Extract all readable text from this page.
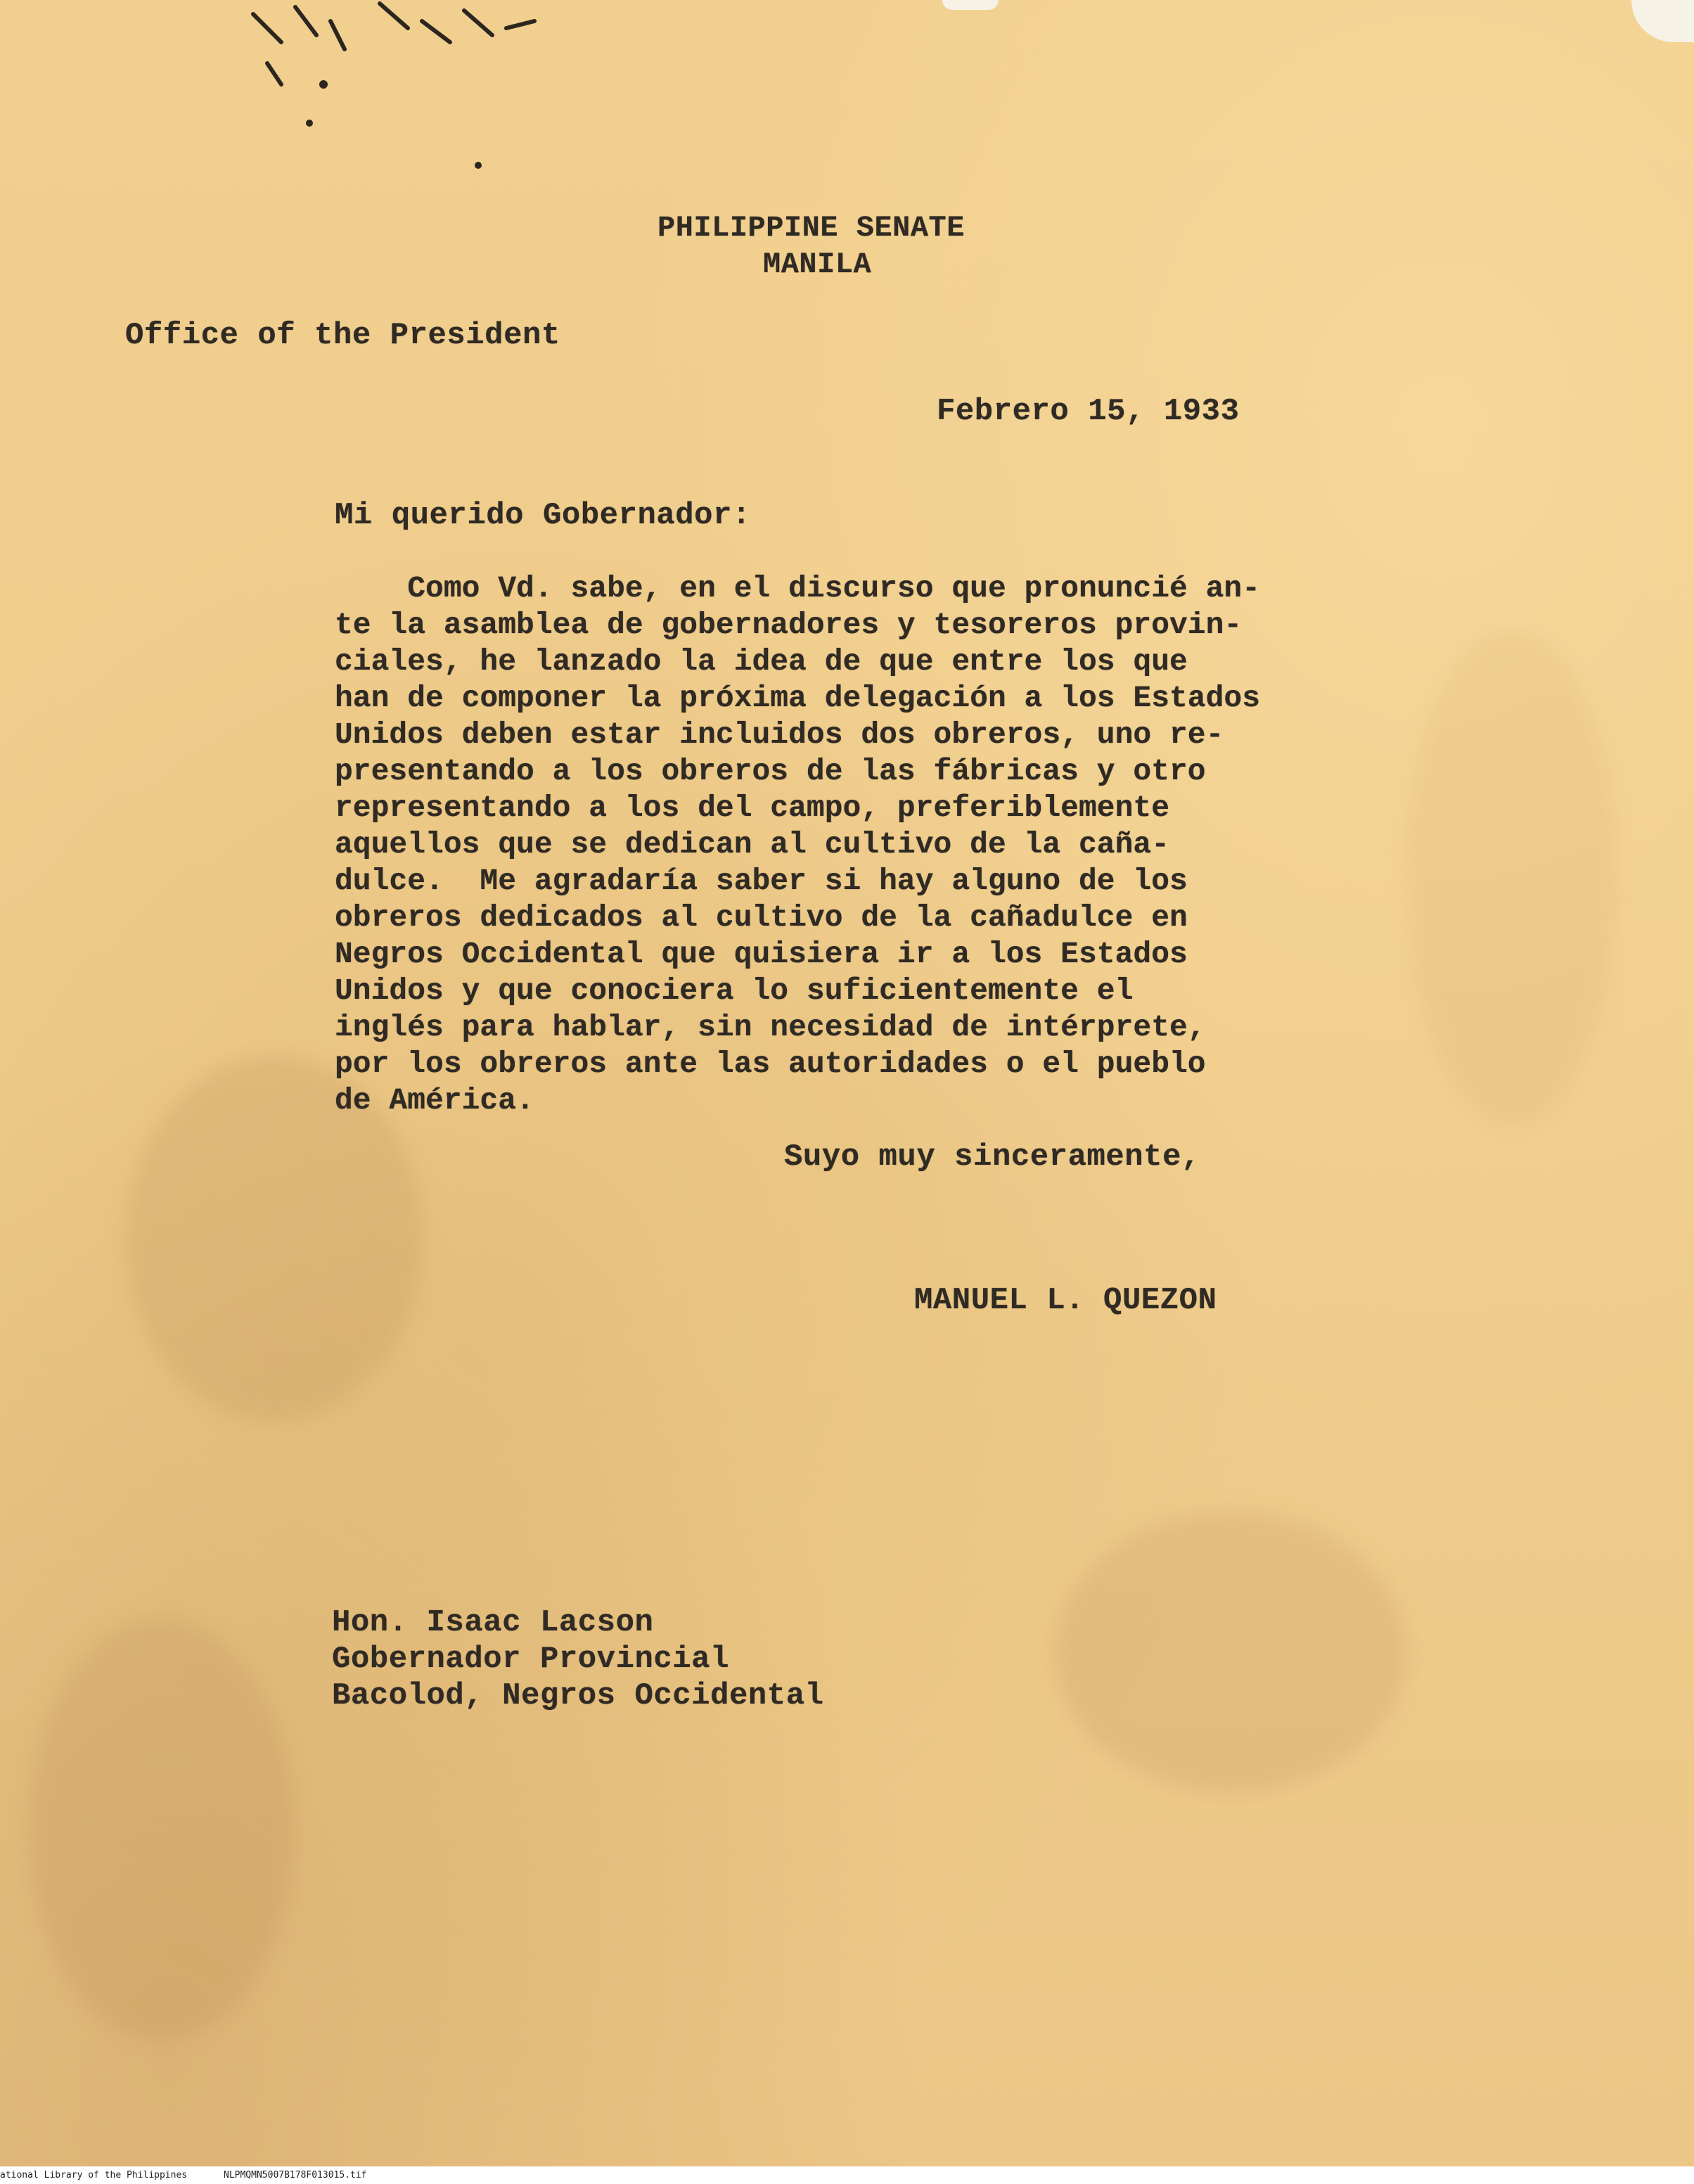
PHILIPPINE SENATE
MANILA
Office of the President
Febrero 15, 1933
Mi querido Gobernador:
Como Vd. sabe, en el discurso que pronuncié an-
te la asamblea de gobernadores y tesoreros provin-
ciales, he lanzado la idea de que entre los que
han de componer la próxima delegación a los Estados
Unidos deben estar incluidos dos obreros, uno re-
presentando a los obreros de las fábricas y otro
representando a los del campo, preferiblemente
aquellos que se dedican al cultivo de la caña-
dulce.  Me agradaría saber si hay alguno de los
obreros dedicados al cultivo de la cañadulce en
Negros Occidental que quisiera ir a los Estados
Unidos y que conociera lo suficientemente el
inglés para hablar, sin necesidad de intérprete,
por los obreros ante las autoridades o el pueblo
de América.
Suyo muy sinceramente,
MANUEL L. QUEZON
Hon. Isaac Lacson
Gobernador Provincial
Bacolod, Negros Occidental
ational Library of the Philippines	NLPMQMN5007B178F013015.tif
